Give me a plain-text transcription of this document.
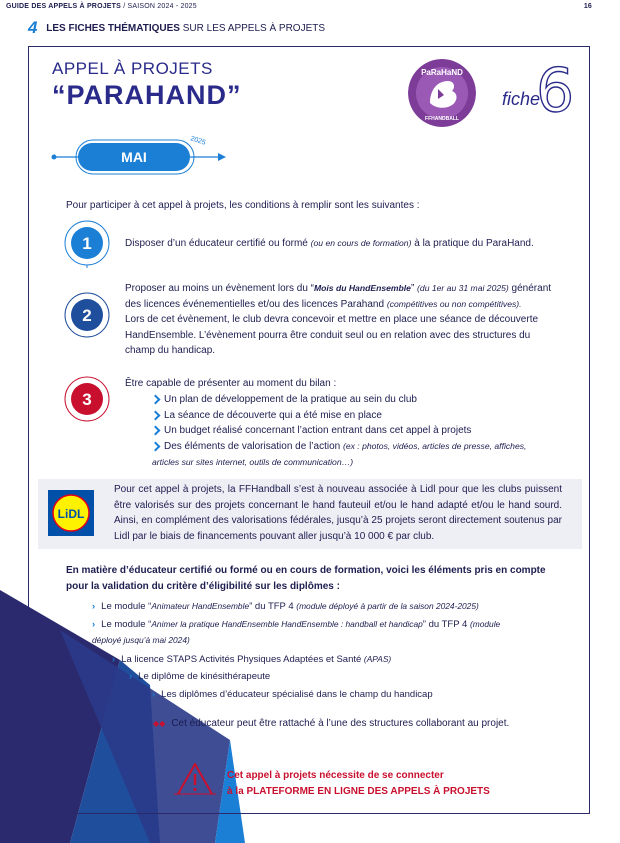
GUIDE DES APPELS À PROJETS / SAISON 2024 - 2025	16
4 LES FICHES THÉMATIQUES SUR LES APPELS À PROJETS
APPEL À PROJETS
“PARAHAND”
PaRaHaND
FFHANDBALL
fiche
6
2025
MAI
Pour participer à cet appel à projets, les conditions à remplir sont les suivantes :
1	Disposer d’un éducateur certifié ou formé (ou en cours de formation) à la pratique du ParaHand.
2
Proposer au moins un évènement lors du “Mois du HandEnsemble” (du 1er au 31 mai 2025) générant
des licences événementielles et/ou des licences Parahand (compétitives ou non compétitives).
Lors de cet évènement, le club devra concevoir et mettre en place une séance de découverte
HandEnsemble. L’évènement pourra être conduit seul ou en relation avec des structures du
champ du handicap.
3
Être capable de présenter au moment du bilan :
Un plan de développement de la pratique au sein du club
La séance de découverte qui a été mise en place
Un budget réalisé concernant l’action entrant dans cet appel à projets
Des éléments de valorisation de l’action (ex : photos, vidéos, articles de presse, affiches,
articles sur sites internet, outils de communication…)
LiDL
Pour cet appel à projets, la FFHandball s’est à nouveau associée à Lidl pour que les clubs puissent être valorisés sur des projets concernant le hand fauteuil et/ou le hand adapté et/ou le hand sourd. Ainsi, en complément des valorisations fédérales, jusqu’à 25 projets seront directement soutenus par Lidl par le biais de financements pouvant aller jusqu’à 10 000 € par club.
En matière d’éducateur certifié ou formé ou en cours de formation, voici les éléments pris en compte
pour la validation du critère d’éligibilité sur les diplômes :
› Le module “Animateur HandEnsemble” du TFP 4 (module déployé à partir de la saison 2024-2025)
› Le module “Animer la pratique HandEnsemble HandEnsemble : handball et handicap” du TFP 4 (module
déployé jusqu’à mai 2024)
› La licence STAPS Activités Physiques Adaptées et Santé (APAS)
› Le diplôme de kinésithérapeute
› Les diplômes d’éducateur spécialisé dans le champ du handicap
◆◆ Cet éducateur peut être rattaché à l’une des structures collaborant au projet.
Cet appel à projets nécessite de se connecter
à la PLATEFORME EN LIGNE DES APPELS À PROJETS
